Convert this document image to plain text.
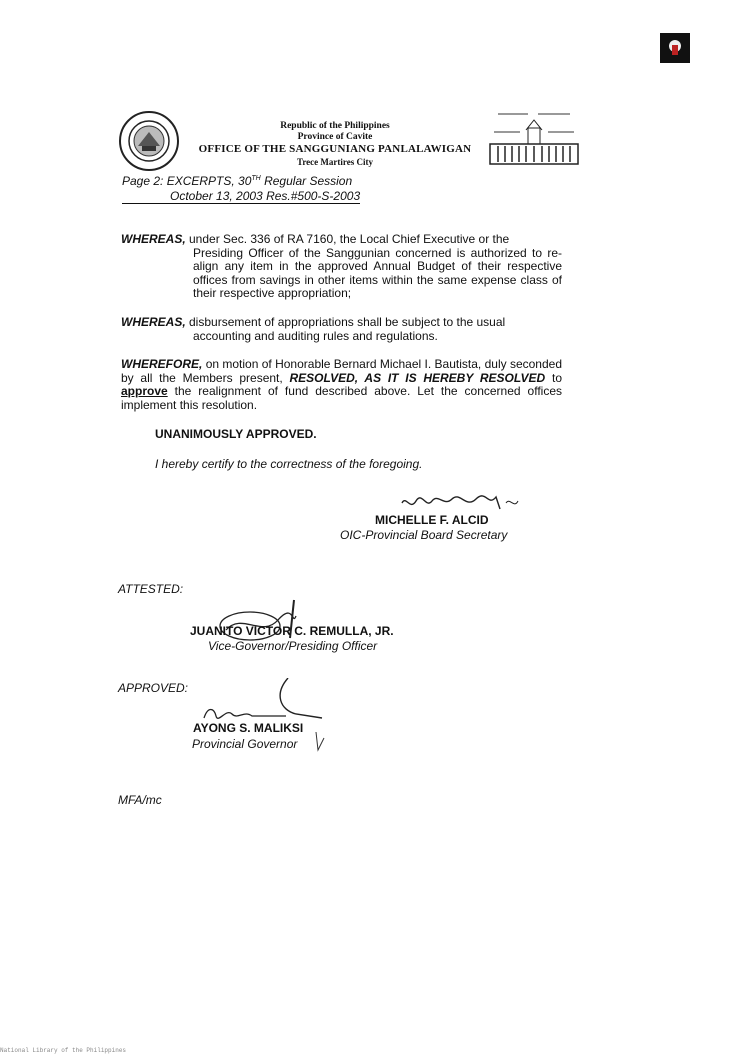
Republic of the Philippines
Province of Cavite
OFFICE OF THE SANGGUNIANG PANLALAWIGAN
Trece Martires City
Page 2: EXCERPTS, 30TH Regular Session
October 13, 2003 Res.#500-S-2003
WHEREAS, under Sec. 336 of RA 7160, the Local Chief Executive or the
Presiding Officer of the Sanggunian concerned is authorized to re-align any item in the approved Annual Budget of their respective offices from savings in other items within the same expense class of their respective appropriation;
WHEREAS, disbursement of appropriations shall be subject to the usual
accounting and auditing rules and regulations.
WHEREFORE, on motion of Honorable Bernard Michael I. Bautista, duly seconded by all the Members present, RESOLVED, AS IT IS HEREBY RESOLVED to approve the realignment of fund described above. Let the concerned offices implement this resolution.
UNANIMOUSLY APPROVED.
I hereby certify to the correctness of the foregoing.
MICHELLE F. ALCID
OIC-Provincial Board Secretary
ATTESTED:
JUANITO VICTOR C. REMULLA, JR.
Vice-Governor/Presiding Officer
APPROVED:
AYONG S. MALIKSI
Provincial Governor
MFA/mc
National Library of the Philippines
